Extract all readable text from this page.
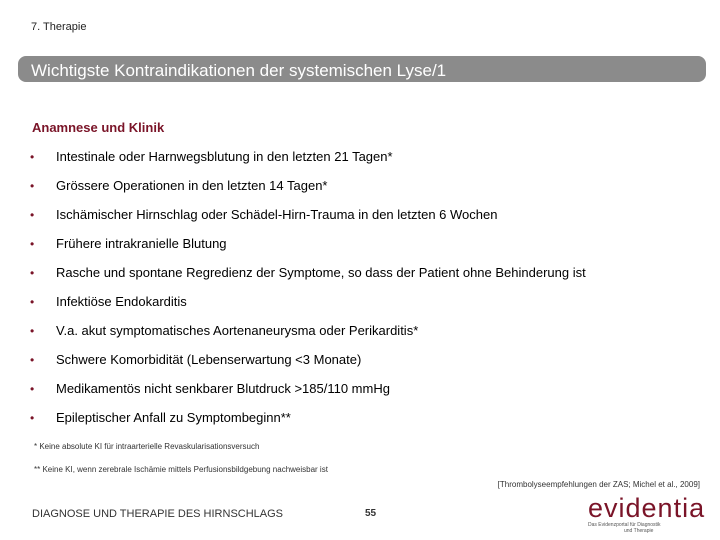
7. Therapie
Wichtigste Kontraindikationen der systemischen Lyse/1
Anamnese und Klinik
• Intestinale oder Harnwegsblutung in den letzten 21 Tagen*
• Grössere Operationen in den letzten 14 Tagen*
• Ischämischer Hirnschlag oder Schädel-Hirn-Trauma in den letzten 6 Wochen
• Frühere intrakranielle Blutung
• Rasche und spontane Regredienz der Symptome, so dass der Patient ohne Behinderung ist
• Infektiöse Endokarditis
• V.a. akut symptomatisches Aortenaneurysma oder Perikarditis*
• Schwere Komorbidität (Lebenserwartung <3 Monate)
• Medikamentös nicht senkbarer Blutdruck >185/110 mmHg
• Epileptischer Anfall zu Symptombeginn**
* Keine absolute KI für intraarterielle Revaskularisationsversuch
** Keine KI, wenn zerebrale Ischämie mittels Perfusionsbildgebung nachweisbar ist
[Thrombolyseempfehlungen der ZAS; Michel et al., 2009]
DIAGNOSE UND THERAPIE DES HIRNSCHLAGS	55	evidentia
Das Evidenzportal für Diagnostik
und Therapie
